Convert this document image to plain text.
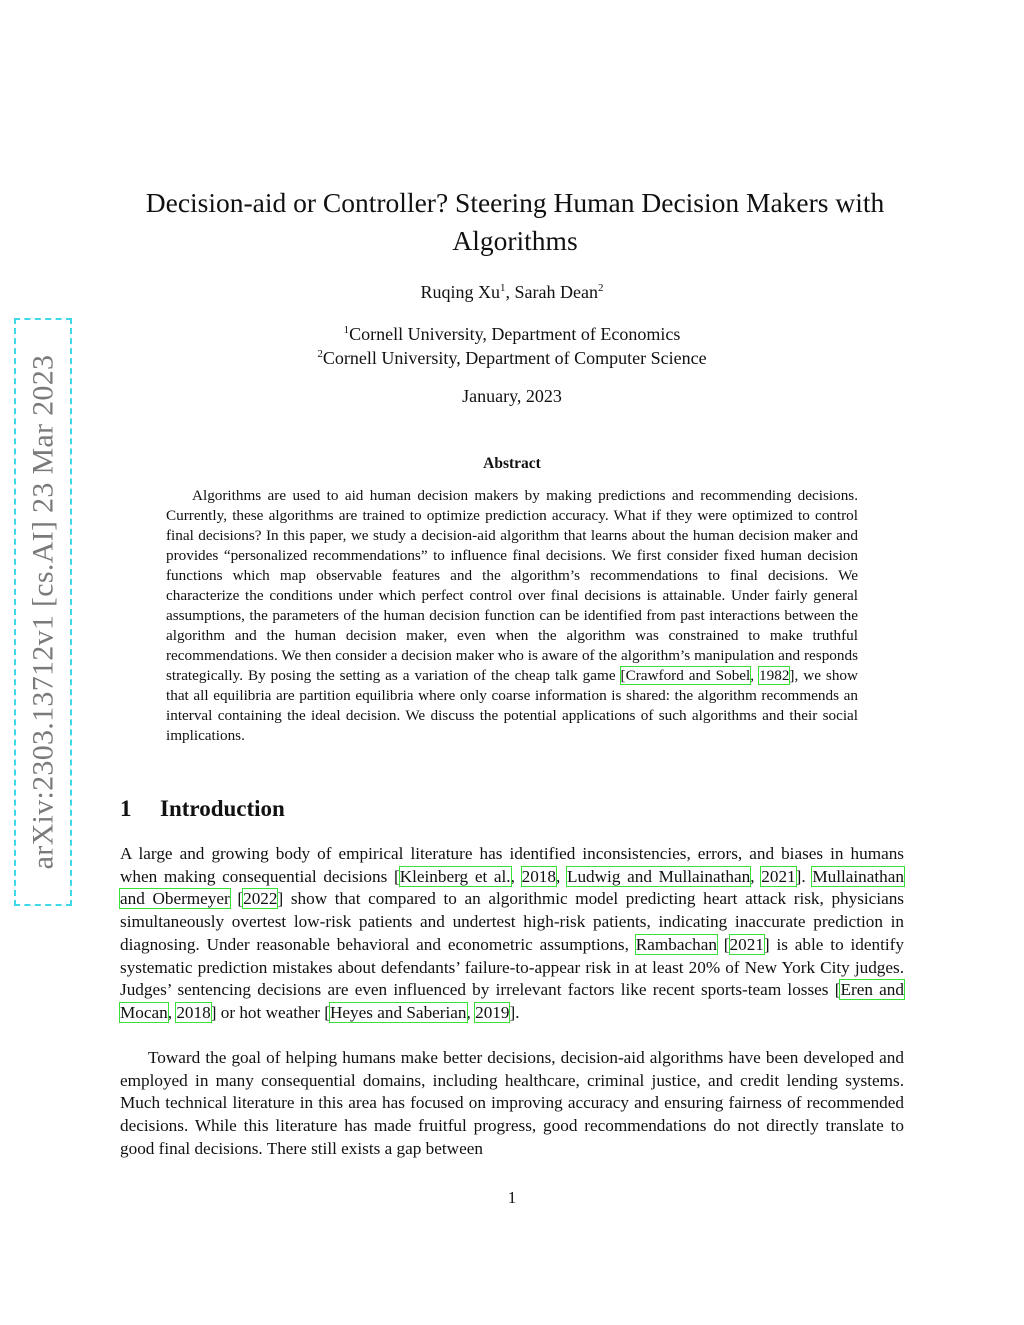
arXiv:2303.13712v1 [cs.AI] 23 Mar 2023
Decision-aid or Controller? Steering Human Decision Makers with Algorithms
Ruqing Xu$^1$, Sarah Dean$^2$
$^1$Cornell University, Department of Economics
$^2$Cornell University, Department of Computer Science
January, 2023
Abstract
Algorithms are used to aid human decision makers by making predictions and recommending decisions. Currently, these algorithms are trained to optimize prediction accuracy. What if they were optimized to control final decisions? In this paper, we study a decision-aid algorithm that learns about the human decision maker and provides “personalized recommendations” to influence final decisions. We first consider fixed human decision functions which map observable features and the algorithm’s recommendations to final decisions. We characterize the conditions under which perfect control over final decisions is attainable. Under fairly general assumptions, the parameters of the human decision function can be identified from past interactions between the algorithm and the human decision maker, even when the algorithm was constrained to make truthful recommendations. We then consider a decision maker who is aware of the algorithm’s manipulation and responds strategically. By posing the setting as a variation of the cheap talk game [Crawford and Sobel, 1982], we show that all equilibria are partition equilibria where only coarse information is shared: the algorithm recommends an interval containing the ideal decision. We discuss the potential applications of such algorithms and their social implications.
1 Introduction
A large and growing body of empirical literature has identified inconsistencies, errors, and biases in humans when making consequential decisions [Kleinberg et al., 2018, Ludwig and Mullainathan, 2021]. Mullainathan and Obermeyer [2022] show that compared to an algorithmic model predicting heart attack risk, physicians simultaneously overtest low-risk patients and undertest high-risk patients, indicating inaccurate prediction in diagnosing. Under reasonable behavioral and econometric assumptions, Rambachan [2021] is able to identify systematic prediction mistakes about defendants’ failure-to-appear risk in at least 20% of New York City judges. Judges’ sentencing decisions are even influenced by irrelevant factors like recent sports-team losses [Eren and Mocan, 2018] or hot weather [Heyes and Saberian, 2019].
Toward the goal of helping humans make better decisions, decision-aid algorithms have been developed and employed in many consequential domains, including healthcare, criminal justice, and credit lending systems. Much technical literature in this area has focused on improving accuracy and ensuring fairness of recommended decisions. While this literature has made fruitful progress, good recommendations do not directly translate to good final decisions. There still exists a gap between
1
